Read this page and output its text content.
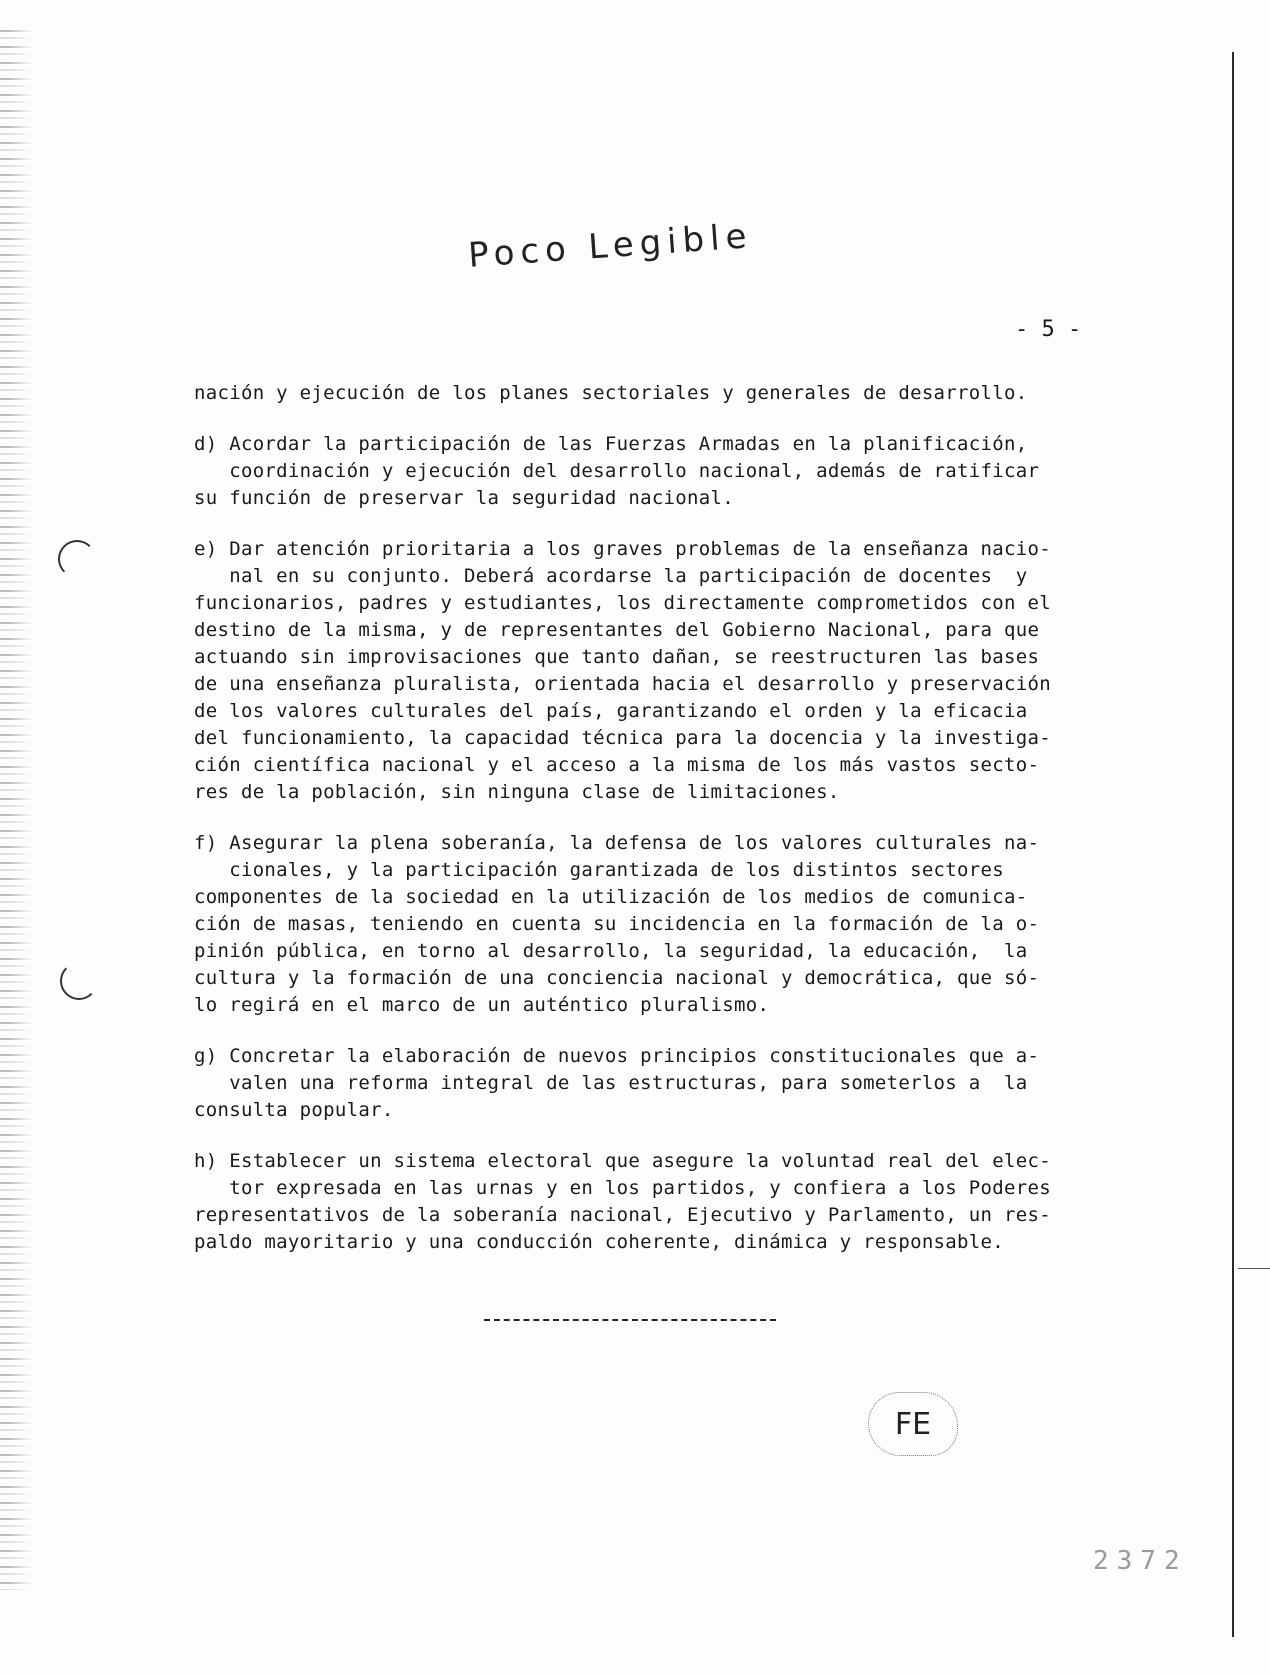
Poco Legible
- 5 -
nación y ejecución de los planes sectoriales y generales de desarrollo.
d) Acordar la participación de las Fuerzas Armadas en la planificación,
coordinación y ejecución del desarrollo nacional, además de ratificar
su función de preservar la seguridad nacional.
e) Dar atención prioritaria a los graves problemas de la enseñanza nacio-
nal en su conjunto. Deberá acordarse la participación de docentes  y
funcionarios, padres y estudiantes, los directamente comprometidos con el
destino de la misma, y de representantes del Gobierno Nacional, para que
actuando sin improvisaciones que tanto dañan, se reestructuren las bases
de una enseñanza pluralista, orientada hacia el desarrollo y preservación
de los valores culturales del país, garantizando el orden y la eficacia
del funcionamiento, la capacidad técnica para la docencia y la investiga-
ción científica nacional y el acceso a la misma de los más vastos secto-
res de la población, sin ninguna clase de limitaciones.
f) Asegurar la plena soberanía, la defensa de los valores culturales na-
cionales, y la participación garantizada de los distintos sectores
componentes de la sociedad en la utilización de los medios de comunica-
ción de masas, teniendo en cuenta su incidencia en la formación de la o-
pinión pública, en torno al desarrollo, la seguridad, la educación,  la
cultura y la formación de una conciencia nacional y democrática, que só-
lo regirá en el marco de un auténtico pluralismo.
g) Concretar la elaboración de nuevos principios constitucionales que a-
valen una reforma integral de las estructuras, para someterlos a  la
consulta popular.
h) Establecer un sistema electoral que asegure la voluntad real del elec-
tor expresada en las urnas y en los partidos, y confiera a los Poderes
representativos de la soberanía nacional, Ejecutivo y Parlamento, un res-
paldo mayoritario y una conducción coherente, dinámica y responsable.
FE
2372
